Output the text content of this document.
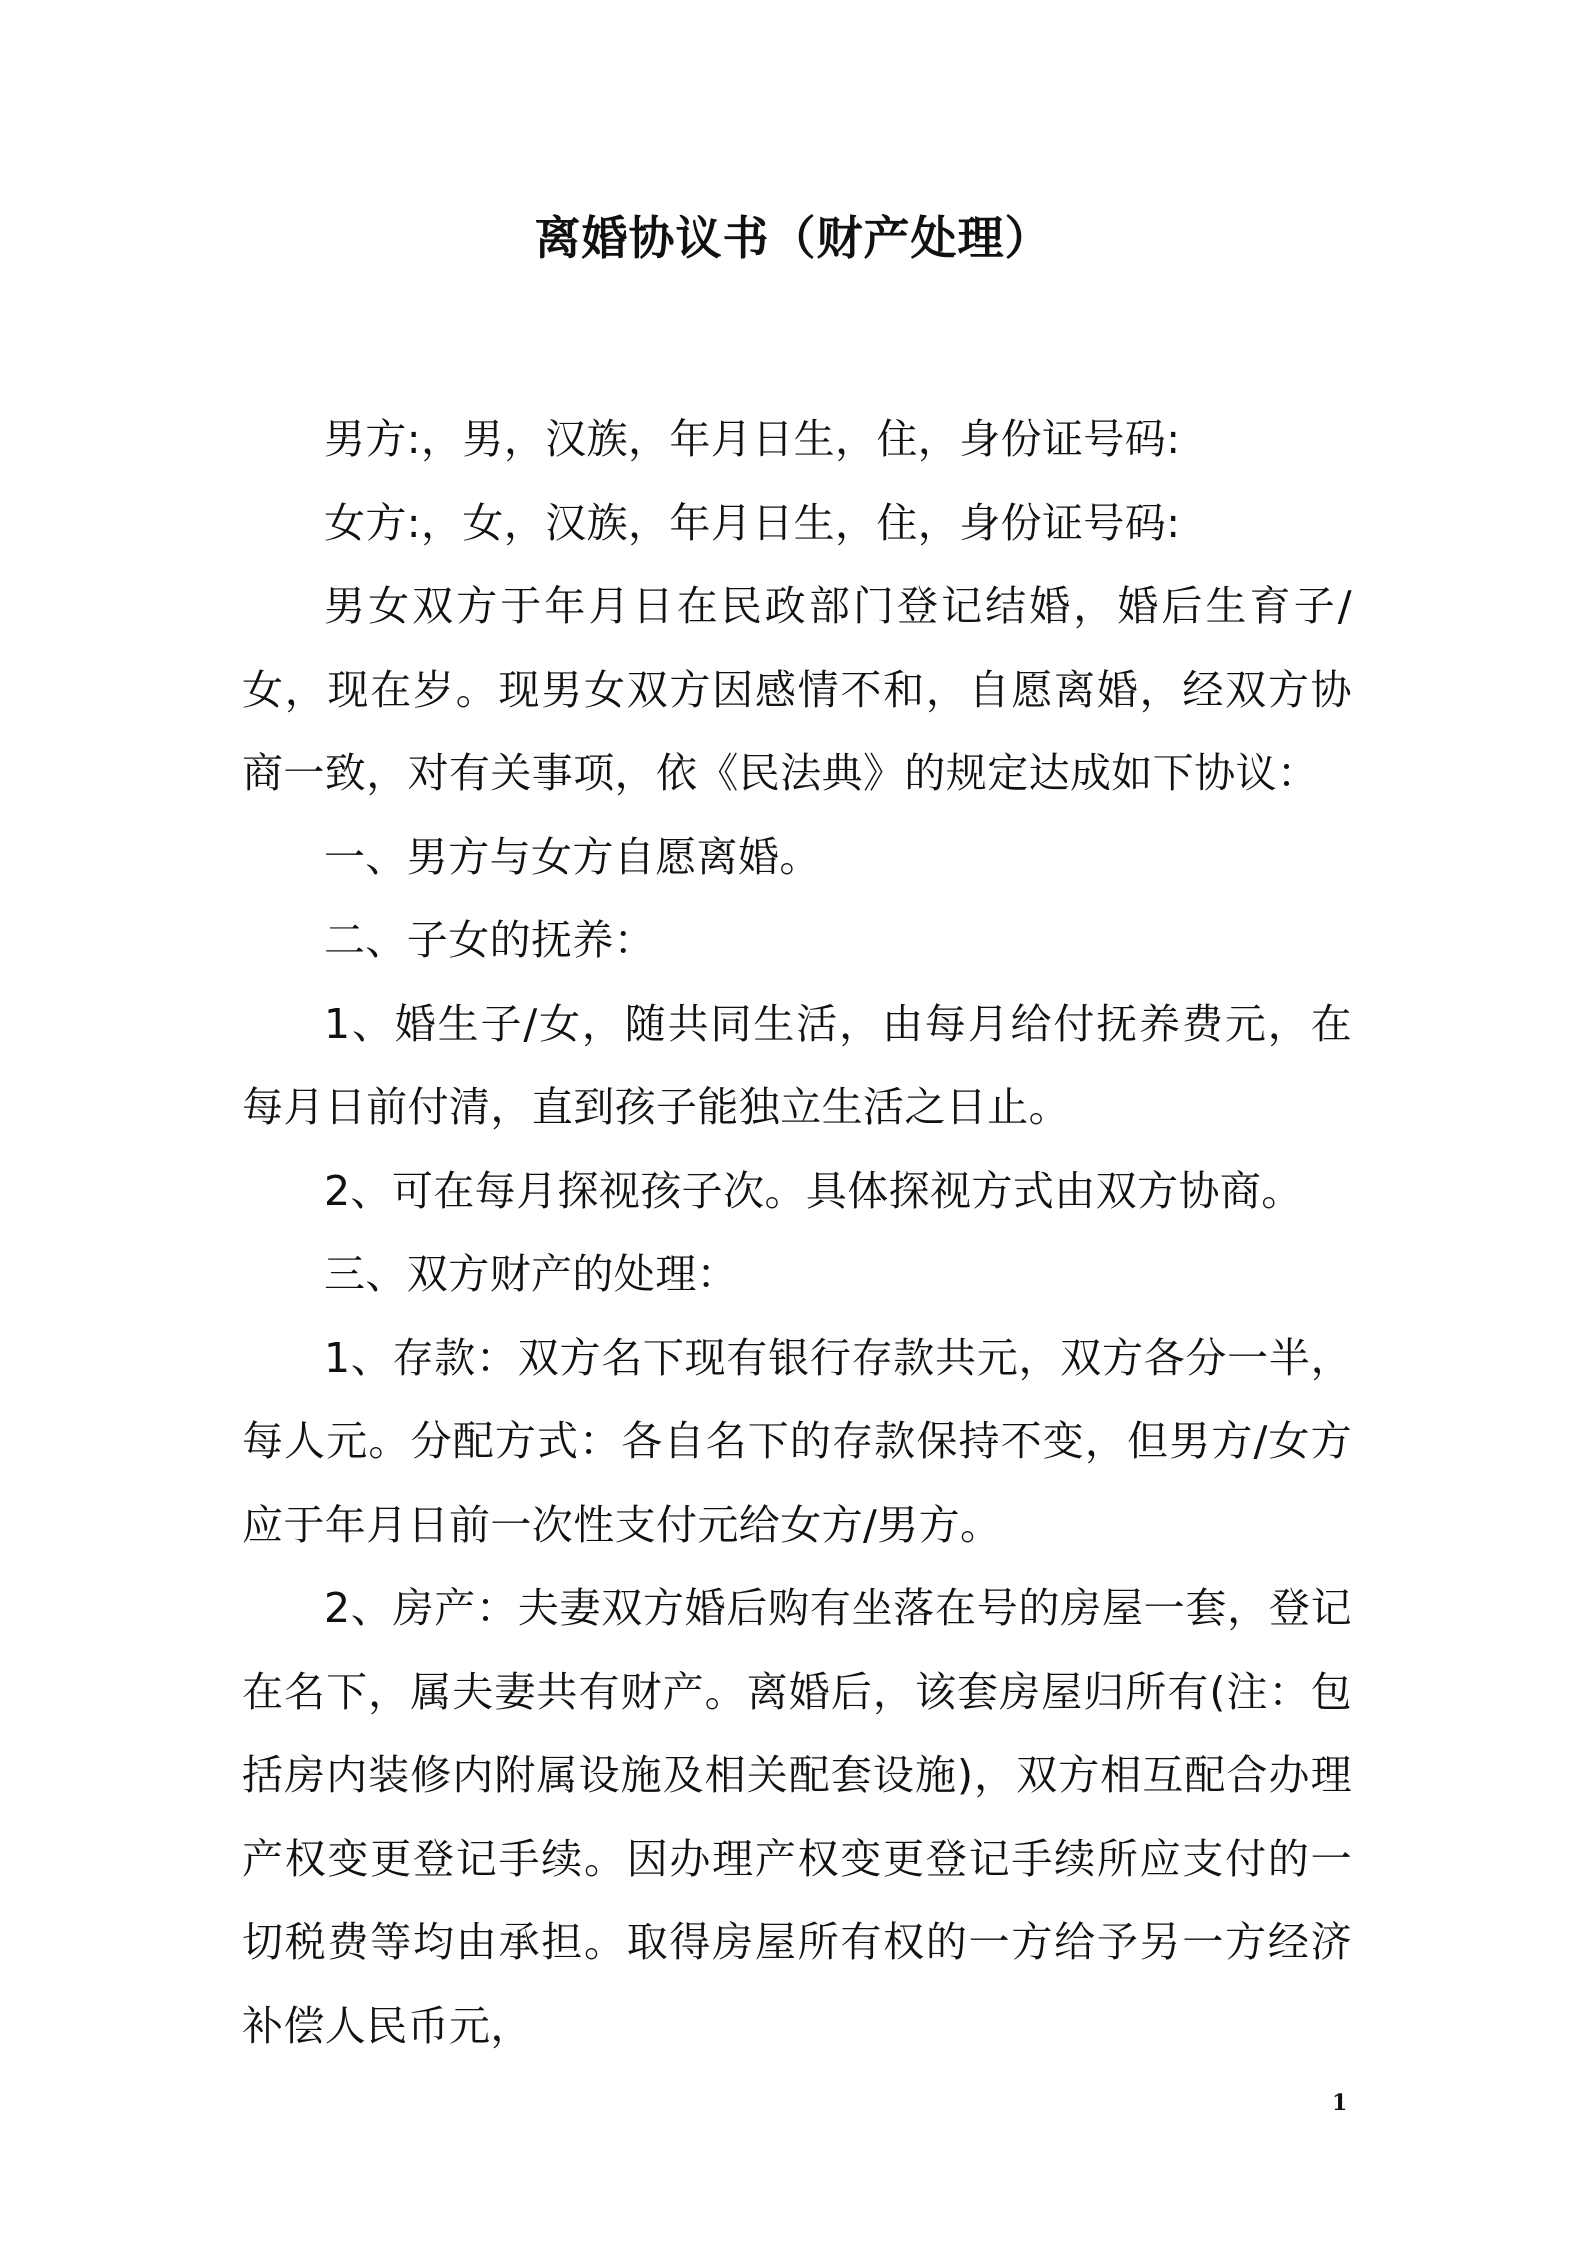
离婚协议书（财产处理）

男方:，男，汉族，年月日生，住，身份证号码:

女方:，女，汉族，年月日生，住，身份证号码:

男女双方于年月日在民政部门登记结婚，婚后生育子/女，现在岁。现男女双方因感情不和，自愿离婚，经双方协商一致，对有关事项，依《民法典》的规定达成如下协议：

一、男方与女方自愿离婚。

二、子女的抚养：

1、婚生子/女，随共同生活，由每月给付抚养费元，在每月日前付清，直到孩子能独立生活之日止。

2、可在每月探视孩子次。具体探视方式由双方协商。

三、双方财产的处理：

1、存款：双方名下现有银行存款共元，双方各分一半，每人元。分配方式：各自名下的存款保持不变，但男方/女方应于年月日前一次性支付元给女方/男方。

2、房产：夫妻双方婚后购有坐落在号的房屋一套，登记在名下，属夫妻共有财产。离婚后，该套房屋归所有(注：包括房内装修内附属设施及相关配套设施)，双方相互配合办理产权变更登记手续。因办理产权变更登记手续所应支付的一切税费等均由承担。取得房屋所有权的一方给予另一方经济补偿人民币元，

1
